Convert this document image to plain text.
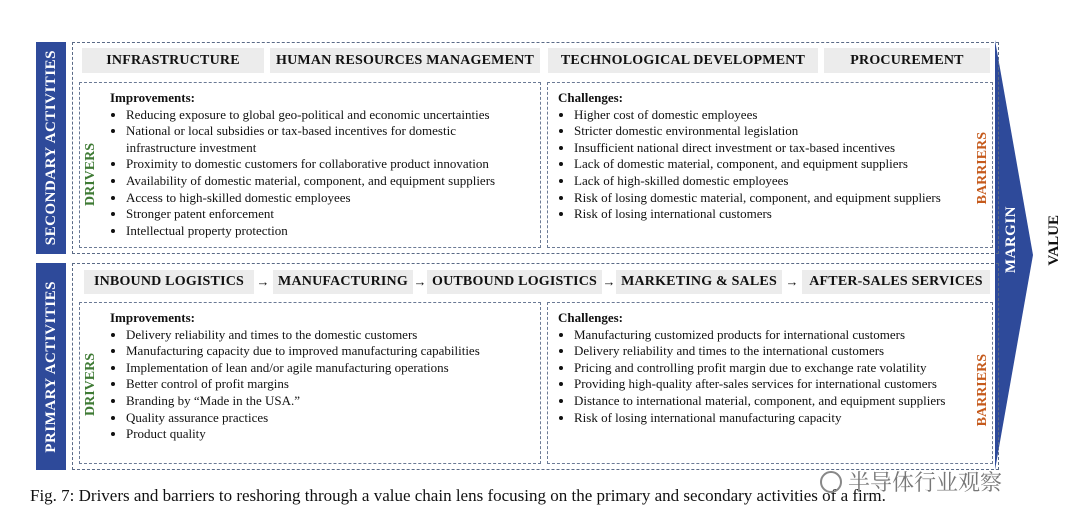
MARGIN VALUE
SECONDARY ACTIVITIES	INFRASTRUCTURE	HUMAN RESOURCES MANAGEMENT	TECHNOLOGICAL DEVELOPMENT	PROCUREMENT
Improvements:
• Reducing exposure to global geo-political and economic uncertainties
• National or local subsidies or tax-based incentives for domestic
infrastructure investment
• Proximity to domestic customers for collaborative product innovation
• Availability of domestic material, component, and equipment suppliers
• Access to high-skilled domestic employees
• Stronger patent enforcement
• Intellectual property protection
DRIVERS
Challenges:
• Higher cost of domestic employees
• Stricter domestic environmental legislation
• Insufficient national direct investment or tax-based incentives
• Lack of domestic material, component, and equipment suppliers
• Lack of high-skilled domestic employees
• Risk of losing domestic material, component, and equipment suppliers
• Risk of losing international customers
BARRIERS
PRIMARY ACTIVITIES	INBOUND LOGISTICS → MANUFACTURING → OUTBOUND LOGISTICS → MARKETING & SALES → AFTER-SALES SERVICES
Improvements:
• Delivery reliability and times to the domestic customers
• Manufacturing capacity due to improved manufacturing capabilities
• Implementation of lean and/or agile manufacturing operations
• Better control of profit margins
• Branding by “Made in the USA.”
• Quality assurance practices
• Product quality
DRIVERS
Challenges:
• Manufacturing customized products for international customers
• Delivery reliability and times to the international customers
• Pricing and controlling profit margin due to exchange rate volatility
• Providing high-quality after-sales services for international customers
• Distance to international material, component, and equipment suppliers
• Risk of losing international manufacturing capacity	BARRIERS
Fig. 7: Drivers and barriers to reshoring through a value chain lens focusing on the primary and secondary activities of a firm.
半导体行业观察
